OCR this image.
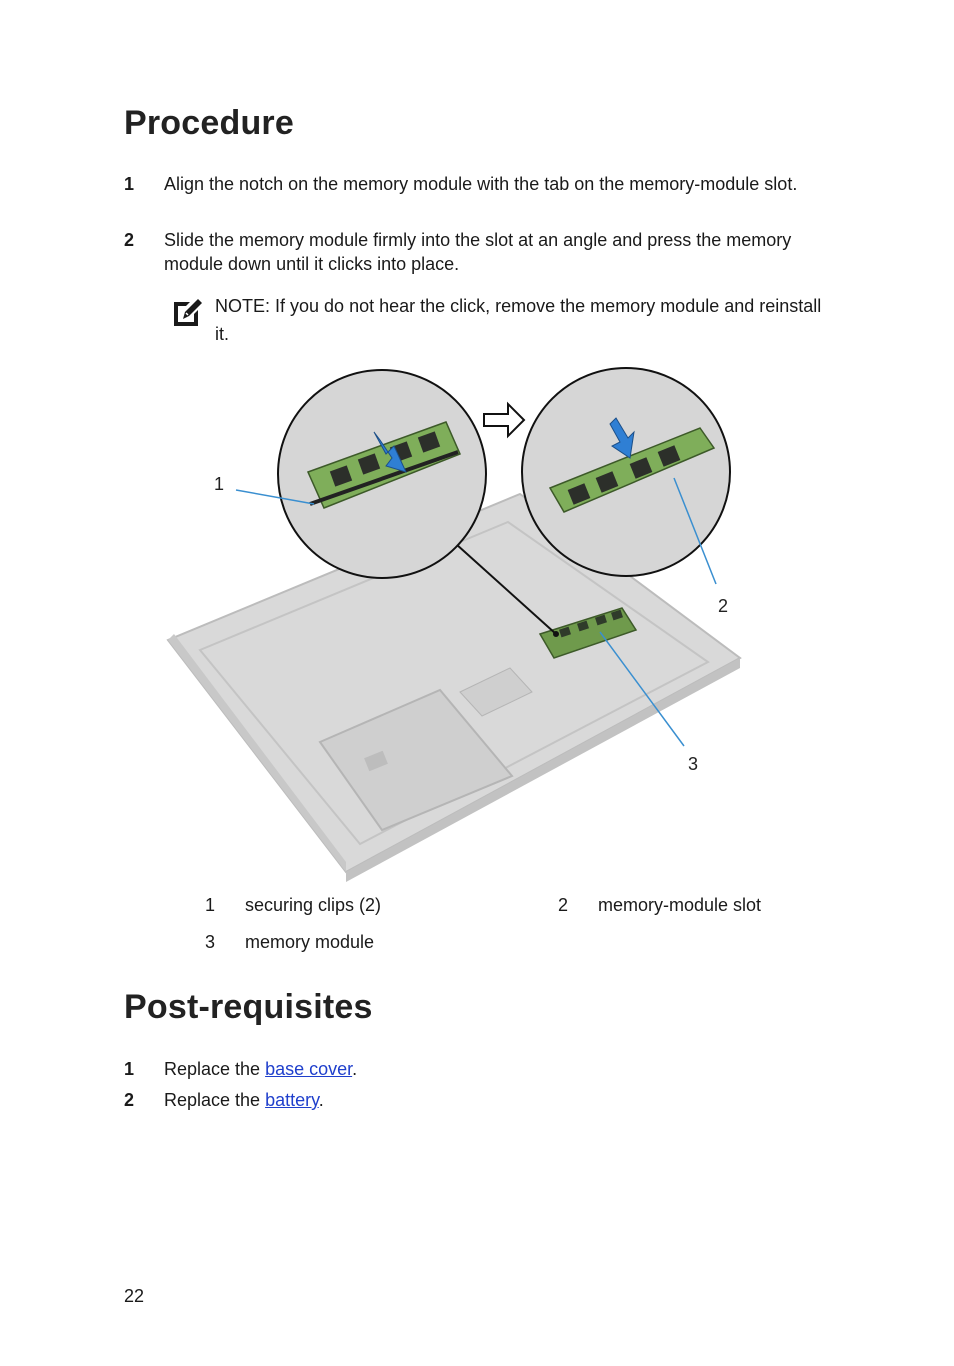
Procedure
1 Align the notch on the memory module with the tab on the memory-module slot.
2 Slide the memory module firmly into the slot at an angle and press the memory module down until it clicks into place.
NOTE: If you do not hear the click, remove the memory module and reinstall it.
1
2
3
1 securing clips (2)	2 memory-module slot
3 memory module
Post-requisites
1 Replace the base cover.
2 Replace the battery.
22
